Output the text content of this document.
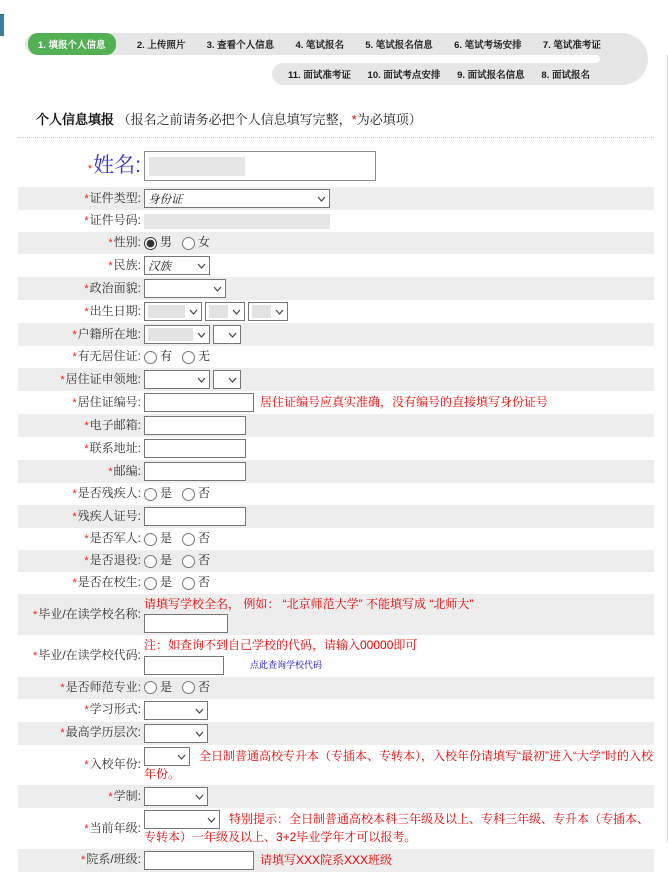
1. 填报个人信息	2. 上传照片 3. 查看个人信息 4. 笔试报名 5. 笔试报名信息 6. 笔试考场安排 7. 笔试准考证
11. 面试准考证 10. 面试考点安排 9. 面试报名信息 8. 面试报名
个人信息填报 （报名之前请务必把个人信息填写完整，*为必填项）
*姓名:
*证件类型: 身份证
*证件号码:
*性别: 男 女
*民族: 汉族
*政治面貌:
*出生日期:
*户籍所在地:
*有无居住证: 有 无
*居住证申领地:
*居住证编号:	居住证编号应真实准确，没有编号的直接填写身份证号
*电子邮箱:
*联系地址:
*邮编:
*是否残疾人: 是 否
*残疾人证号:
*是否军人: 是 否
*是否退役: 是 否
*是否在校生: 是 否
*毕业/在读学校名称:
请填写学校全名， 例如： “北京师范大学” 不能填写成 “北师大”
*毕业/在读学校代码:
注：如查询不到自己学校的代码，请输入00000即可
点此查询学校代码
*是否师范专业: 是 否
*学习形式:
*最高学历层次:
*入校年份:
全日制普通高校专升本（专插本、专转本），入校年份请填写“最初”进入“大学”时的入校年份。
*学制:
*当前年级:
特别提示：全日制普通高校本科三年级及以上、专科三年级、专升本（专插本、专转本）一年级及以上、3+2毕业学年才可以报考。
*院系/班级:	请填写XXX院系XXX班级
